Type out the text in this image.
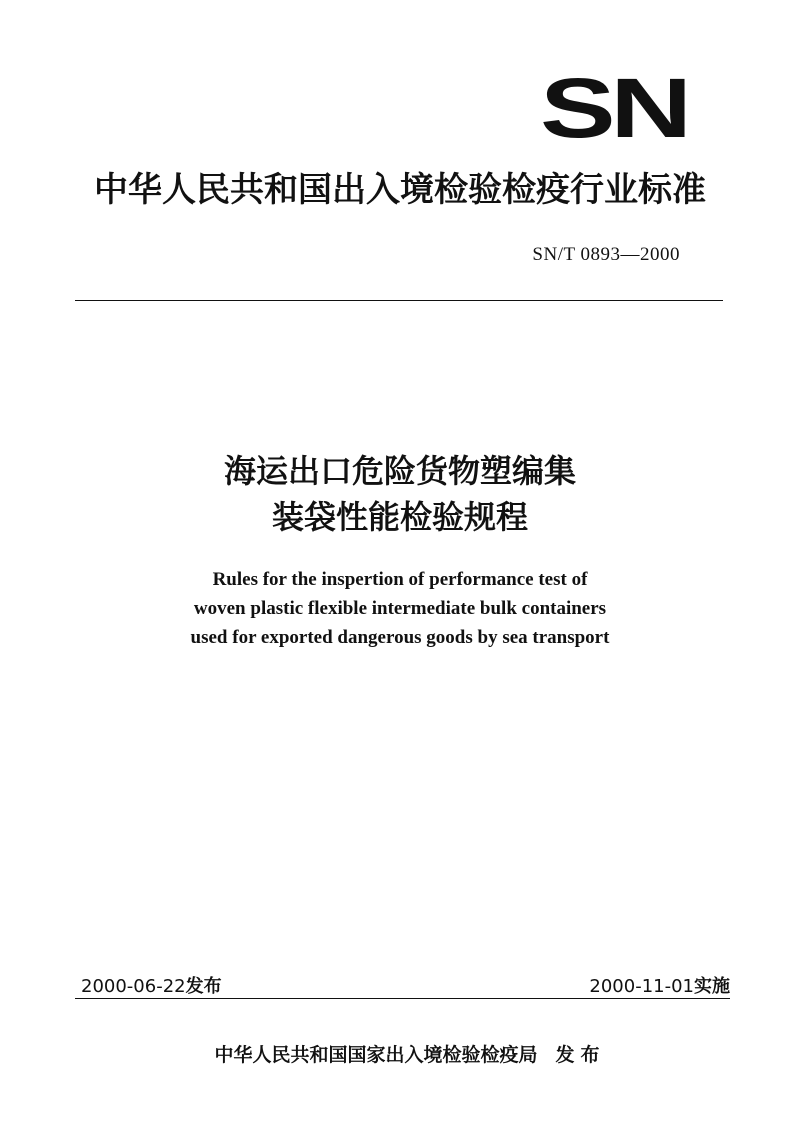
SN
中华人民共和国出入境检验检疫行业标准
SN/T 0893—2000
海运出口危险货物塑编集
装袋性能检验规程
Rules for the inspertion of performance test of
woven plastic flexible intermediate bulk containers
used for exported dangerous goods by sea transport
2000-06-22发布	2000-11-01实施
中华人民共和国国家出入境检验检疫局 发布
